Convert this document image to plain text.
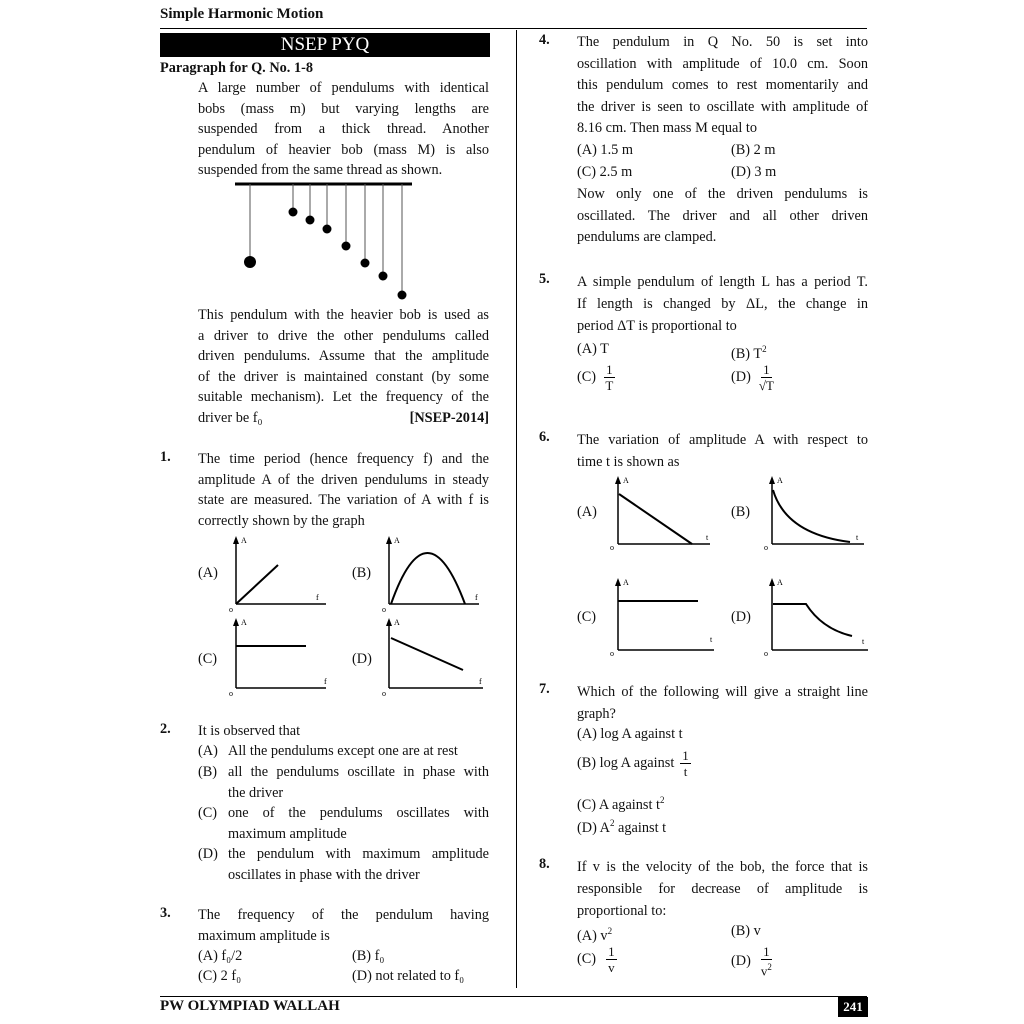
Simple Harmonic Motion
NSEP PYQ
Paragraph for Q. No. 1-8
A large number of pendulums with identical
bobs (mass m) but varying lengths are
suspended from a thick thread. Another
pendulum of heavier bob (mass M) is also
suspended from the same thread as shown.
This pendulum with the heavier bob is used as
a driver to drive the other pendulums called
driven pendulums. Assume that the amplitude
of the driver is maintained constant (by some
suitable mechanism). Let the frequency of the
driver be f₀	[NSEP-2014]
1. The time period (hence frequency f) and the
amplitude A of the driven pendulums in steady
state are measured. The variation of A with f is
correctly shown by the graph
(A)	(B)
(C)	(D)
A
f
o
A
f
o
A
f
o
A
f
o
2. It is observed that
(A) All the pendulums except one are at rest
(B) all the pendulums oscillate in phase with
the driver
(C) one of the pendulums oscillates with
maximum amplitude
(D) the pendulum with maximum amplitude
oscillates in phase with the driver
3. The frequency of the pendulum having
maximum amplitude is
(A) f₀/2	(B) f₀
(C) 2 f₀	(D) not related to f₀
4. The pendulum in Q No. 50 is set into
oscillation with amplitude of 10.0 cm. Soon
this pendulum comes to rest momentarily and
the driver is seen to oscillate with amplitude of
8.16 cm. Then mass M equal to
(A) 1.5 m	(B) 2 m
(C) 2.5 m	(D) 3 m
Now only one of the driven pendulums is
oscillated. The driver and all other driven
pendulums are clamped.
5. A simple pendulum of length L has a period T.
If length is changed by ΔL, the change in
period ΔT is proportional to
(A) T	(B) $T^2$
$(C) \frac{1}{T}$	$(D) \frac{1}{√T}$
6. The variation of amplitude A with respect to
time t is shown as
(A)	(B)
(C)	(D)
A
t
o
A
t
o
A
t
o
A
t
o
7. Which of the following will give a straight line
graph?
(A) log A against t
(B) log A against $\frac{1}{t}$
(C) A against $t^2$
(D) $A^2$ against t
8. If v is the velocity of the bob, the force that is
responsible for decrease of amplitude is
proportional to:
(A) $v^2$	(B) v
$(C) \frac{1}{v}$	$(D) \frac{1}{v^2}$
PW OLYMPIAD WALLAH	241
